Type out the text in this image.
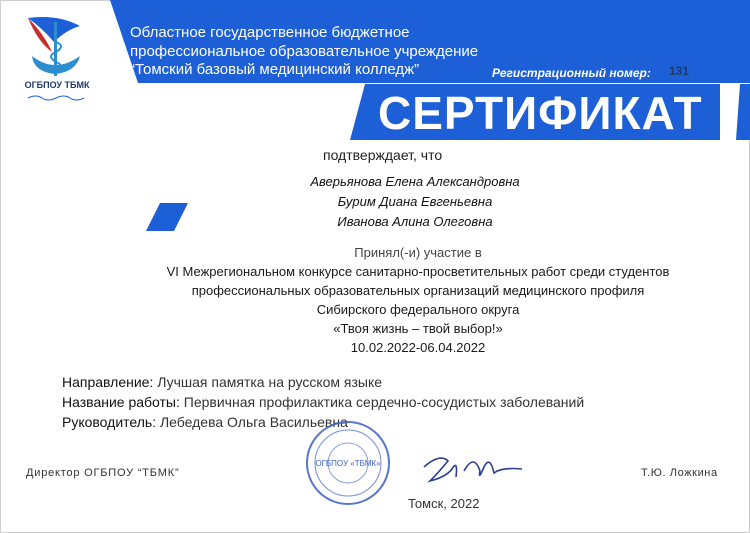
ОГБПОУ ТБМК
Областное государственное бюджетное
профессиональное образовательное учреждение
“Томский базовый медицинский колледж”	Регистрационный номер: 131
СЕРТИФИКАТ
подтверждает, что
Аверьянова Елена Александровна
Бурим Диана Евгеньевна
Иванова Алина Олеговна
Принял(-и) участие в
VI Межрегиональном конкурсе санитарно-просветительных работ среди студентов
профессиональных образовательных организаций медицинского профиля
Сибирского федерального округа
«Твоя жизнь – твой выбор!»
10.02.2022-06.04.2022
Направление: Лучшая памятка на русском языке
Название работы: Первичная профилактика сердечно-сосудистых заболеваний
Руководитель: Лебедева Ольга Васильевна
Директор ОГБПОУ “ТБМК”	Т.Ю. Ложкина
ОГБПОУ «ТБМК»
Томск, 2022
